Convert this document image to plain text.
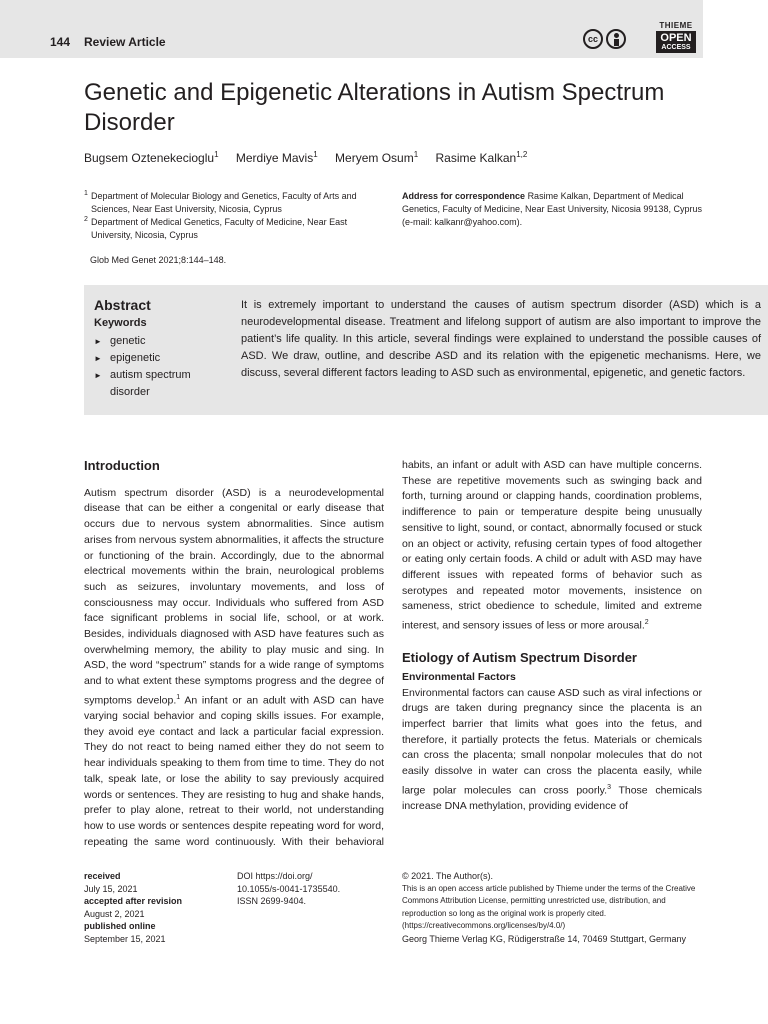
144 Review Article	cc
THIEME
OPEN
ACCESS
Genetic and Epigenetic Alterations in Autism Spectrum Disorder
Bugsem Oztenekecioglu$^1$ Merdiye Mavis$^1$ Meryem Osum$^1$ Rasime Kalkan$^{1,2}$
1 Department of Molecular Biology and Genetics, Faculty of Arts and Sciences, Near East University, Nicosia, Cyprus
2 Department of Medical Genetics, Faculty of Medicine, Near East University, Nicosia, Cyprus
Address for correspondence Rasime Kalkan, Department of Medical Genetics, Faculty of Medicine, Near East University, Nicosia 99138, Cyprus (e-mail: kalkanr@yahoo.com).
Glob Med Genet 2021;8:144–148.
Abstract
Keywords
► genetic
► epigenetic
► autism spectrum disorder
It is extremely important to understand the causes of autism spectrum disorder (ASD) which is a neurodevelopmental disease. Treatment and lifelong support of autism are also important to improve the patient’s life quality. In this article, several findings were explained to understand the possible causes of ASD. We draw, outline, and describe ASD and its relation with the epigenetic mechanisms. Here, we discuss, several different factors leading to ASD such as environmental, epigenetic, and genetic factors.
Introduction

Autism spectrum disorder (ASD) is a neurodevelopmental disease that can be either a congenital or early disease that occurs due to nervous system abnormalities. Since autism arises from nervous system abnormalities, it affects the structure or functioning of the brain. Accordingly, due to the abnormal electrical movements within the brain, neurological problems such as seizures, involuntary movements, and loss of consciousness may occur. Individuals who suffered from ASD face significant problems in social life, school, or at work. Besides, individuals diagnosed with ASD have features such as overwhelming memory, the ability to play music and sing. In ASD, the word “spectrum” stands for a wide range of symptoms and to what extent these symptoms progress and the degree of symptoms develop.$^1$ An infant or an adult with ASD can have varying social behavior and coping skills issues. For example, they avoid eye contact and lack a particular facial expression. They do not react to being named either they do not seem to hear individuals speaking to them from time to time. They do not talk, speak late, or lose the ability to say previously acquired words or sentences. They are resisting to hug and shake hands, prefer to play alone, retreat to their world, not understanding how to use words or sentences despite repeating word for word, repeating the same word continuously. With their behavioral habits, an infant or adult with ASD can have multiple concerns. These are repetitive movements such as swinging back and forth, turning around or clapping hands, coordination problems, indifference to pain or temperature despite being unusually sensitive to light, sound, or contact, abnormally focused or stuck on an object or activity, refusing certain types of food altogether or eating only certain foods. A child or adult with ASD may have different issues with repeated forms of behavior such as serotypes and repeated motor movements, insistence on sameness, strict obedience to schedule, limited and extreme interest, and sensory issues of less or more arousal.$^2$

Etiology of Autism Spectrum Disorder
Environmental Factors

Environmental factors can cause ASD such as viral infections or drugs are taken during pregnancy since the placenta is an imperfect barrier that limits what goes into the fetus, and therefore, it partially protects the fetus. Materials or chemicals can cross the placenta; small nonpolar molecules that do not easily dissolve in water can cross the placenta easily, while large polar molecules can cross poorly.$^3$ Those chemicals increase DNA methylation, providing evidence of

received
July 15, 2021
accepted after revision
August 2, 2021
published online
September 15, 2021
DOI https://doi.org/
10.1055/s-0041-1735540.
ISSN 2699-9404.
© 2021. The Author(s).
This is an open access article published by Thieme under the terms of the Creative Commons Attribution License, permitting unrestricted use, distribution, and reproduction so long as the original work is properly cited. (https://creativecommons.org/licenses/by/4.0/)
Georg Thieme Verlag KG, Rüdigerstraße 14, 70469 Stuttgart, Germany
